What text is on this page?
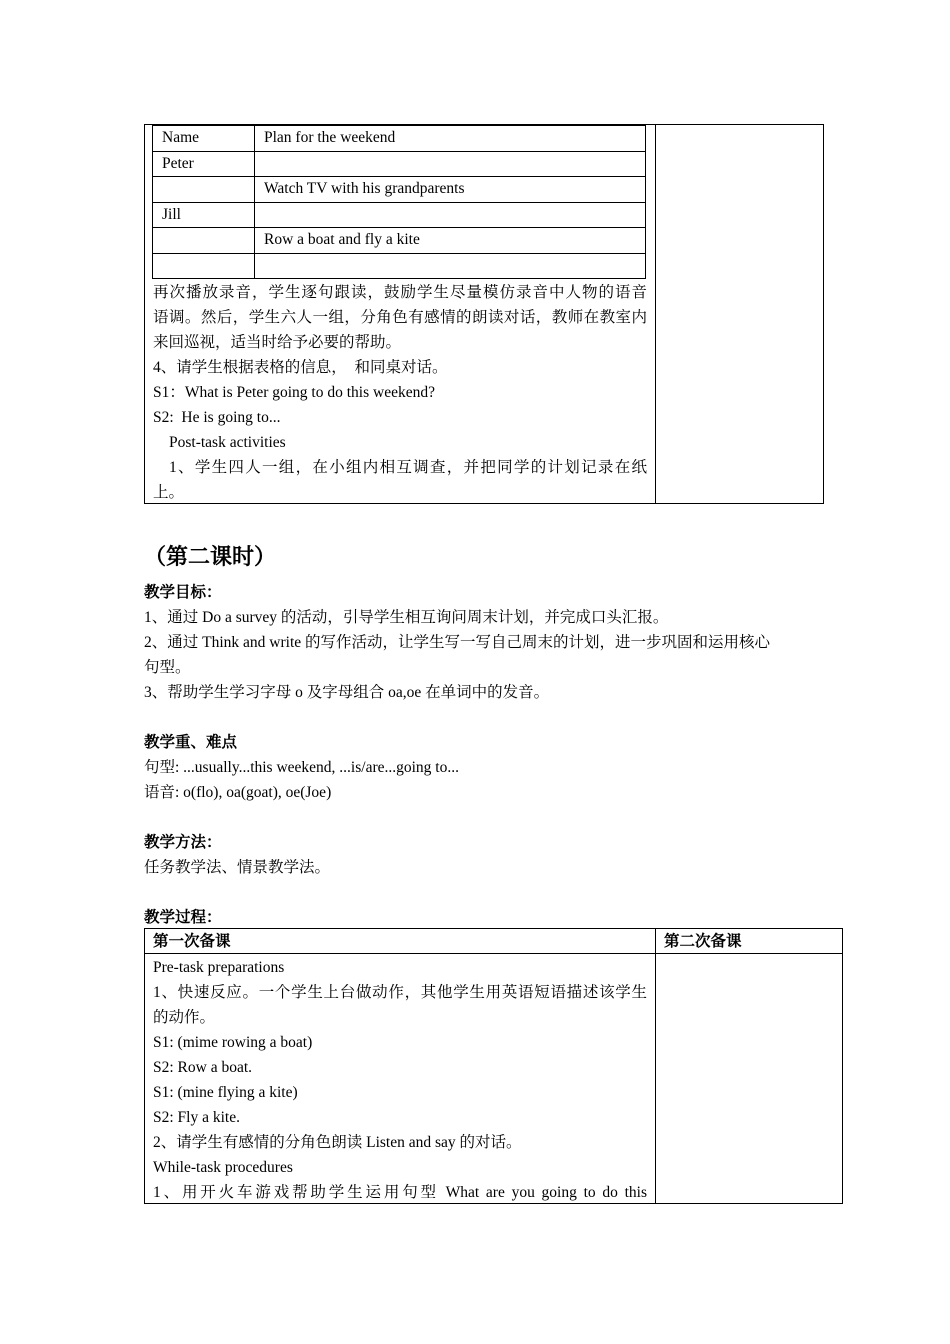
Name	Plan for the weekend
Peter	
	Watch TV with his grandparents
Jill	
	Row a boat and fly a kite

再次播放录音，学生逐句跟读，鼓励学生尽量模仿录音中人物的语音
语调。然后，学生六人一组，分角色有感情的朗读对话，教师在教室内
来回巡视，适当时给予必要的帮助。
4、请学生根据表格的信息，  和同桌对话。
S1：What is Peter going to do this weekend?
S2:  He is going to...
Post-task activities
1、学生四人一组，在小组内相互调查，并把同学的计划记录在纸
上。
（第二课时）
教学目标：
1、通过 Do a survey 的活动，引导学生相互询问周末计划，并完成口头汇报。
2、通过 Think and write 的写作活动，让学生写一写自己周末的计划，进一步巩固和运用核心
句型。
3、帮助学生学习字母 o 及字母组合 oa,oe 在单词中的发音。
教学重、难点
句型: ...usually...this weekend, ...is/are...going to...
语音: o(flo), oa(goat), oe(Joe)
教学方法：
任务教学法、情景教学法。
教学过程：
第一次备课	第二次备课
Pre-task preparations
1、快速反应。一个学生上台做动作，其他学生用英语短语描述该学生
的动作。
S1: (mime rowing a boat)
S2: Row a boat.
S1: (mine flying a kite)
S2: Fly a kite.
2、请学生有感情的分角色朗读 Listen and say 的对话。
While-task procedures
1、用开火车游戏帮助学生运用句型 What are you going to do this
